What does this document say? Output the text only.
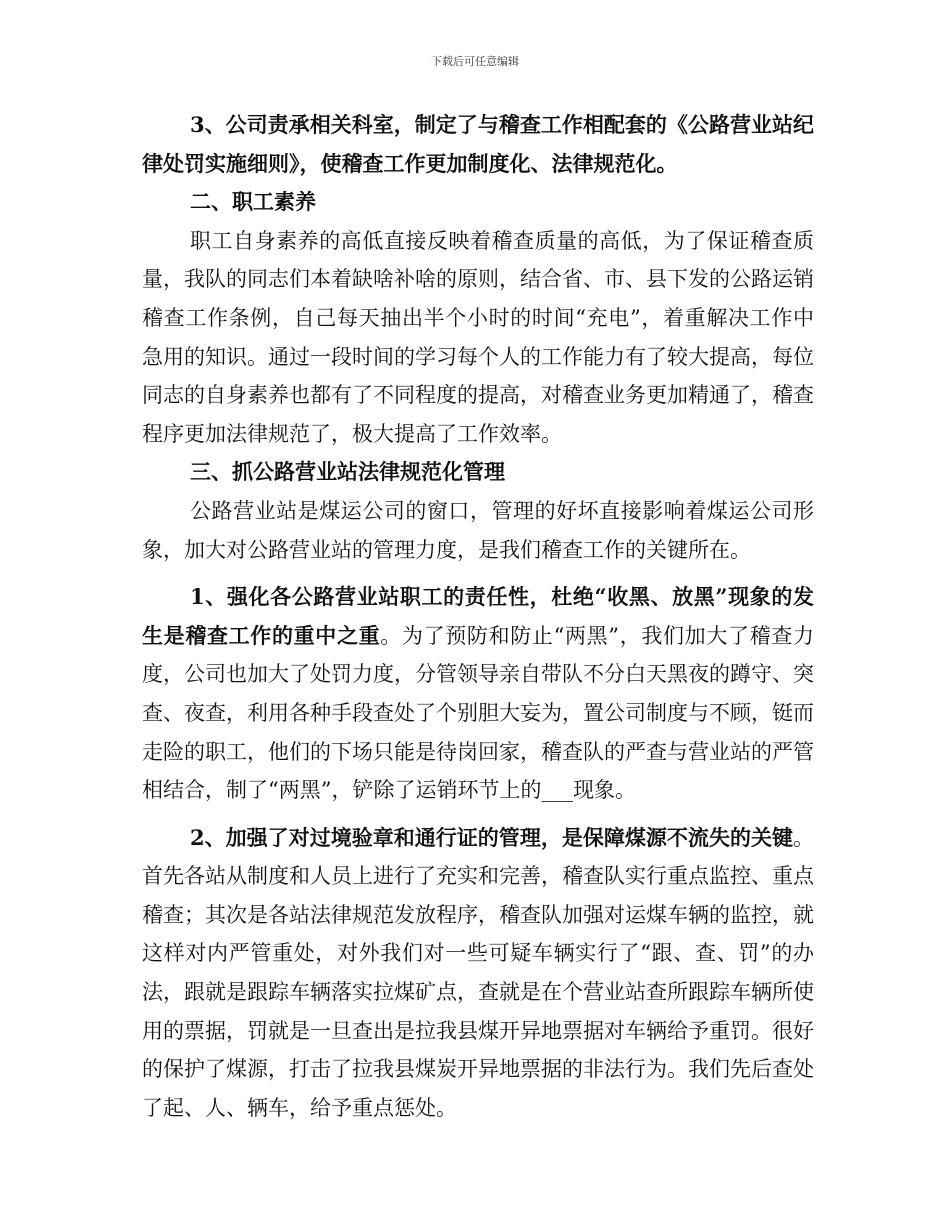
下载后可任意编辑

3、公司责承相关科室，制定了与稽查工作相配套的《公路营业站纪律处罚实施细则》，使稽查工作更加制度化、法律规范化。

二、职工素养

职工自身素养的高低直接反映着稽查质量的高低，为了保证稽查质量，我队的同志们本着缺啥补啥的原则，结合省、市、县下发的公路运销稽查工作条例，自己每天抽出半个小时的时间“充电”，着重解决工作中急用的知识。通过一段时间的学习每个人的工作能力有了较大提高，每位同志的自身素养也都有了不同程度的提高，对稽查业务更加精通了，稽查程序更加法律规范了，极大提高了工作效率。

三、抓公路营业站法律规范化管理

公路营业站是煤运公司的窗口，管理的好坏直接影响着煤运公司形象，加大对公路营业站的管理力度，是我们稽查工作的关键所在。

1、强化各公路营业站职工的责任性，杜绝“收黑、放黑”现象的发生是稽查工作的重中之重。为了预防和防止“两黑”，我们加大了稽查力度，公司也加大了处罚力度，分管领导亲自带队不分白天黑夜的蹲守、突查、夜查，利用各种手段查处了个别胆大妄为，置公司制度与不顾，铤而走险的职工，他们的下场只能是待岗回家，稽查队的严查与营业站的严管相结合，制了“两黑”，铲除了运销环节上的___现象。

2、加强了对过境验章和通行证的管理，是保障煤源不流失的关键。首先各站从制度和人员上进行了充实和完善，稽查队实行重点监控、重点稽查；其次是各站法律规范发放程序，稽查队加强对运煤车辆的监控，就这样对内严管重处，对外我们对一些可疑车辆实行了“跟、查、罚”的办法，跟就是跟踪车辆落实拉煤矿点，查就是在个营业站查所跟踪车辆所使用的票据，罚就是一旦查出是拉我县煤开异地票据对车辆给予重罚。很好的保护了煤源，打击了拉我县煤炭开异地票据的非法行为。我们先后查处了起、人、辆车，给予重点惩处。
